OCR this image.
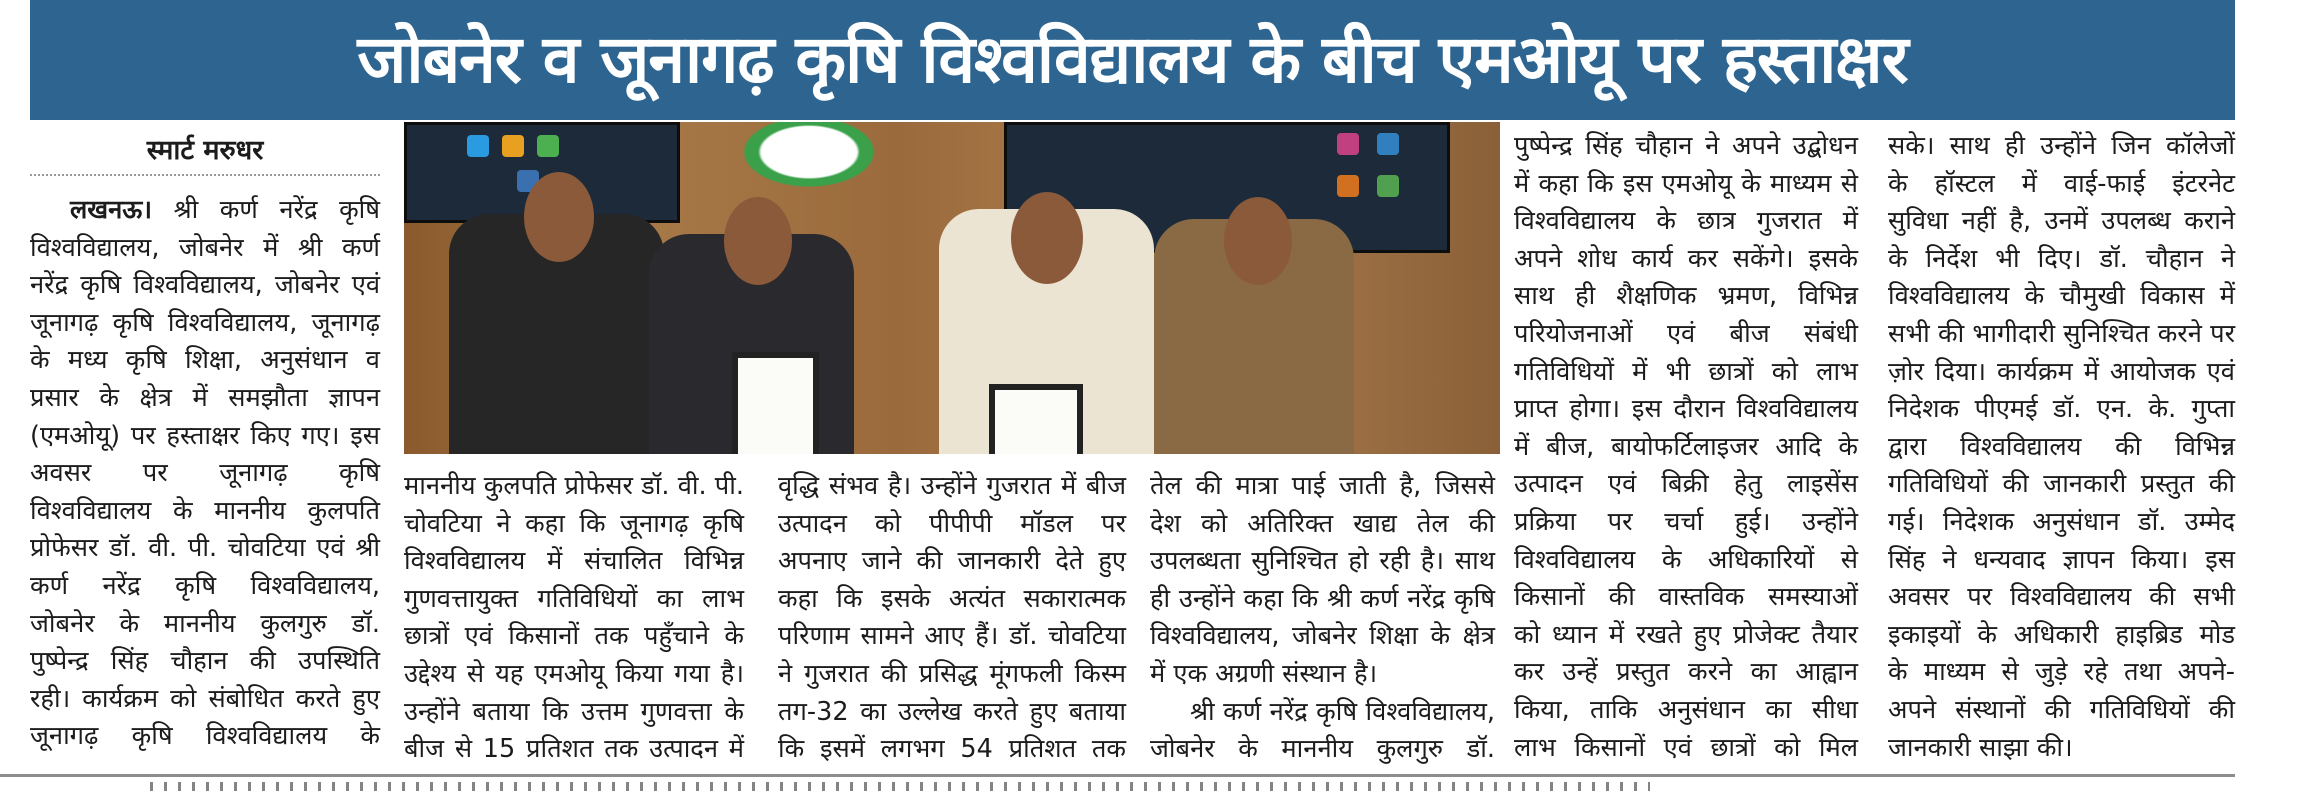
जोबनेर व जूनागढ़ कृषि विश्वविद्यालय के बीच एमओयू पर हस्ताक्षर
स्मार्ट मरुधर

लखनऊ। श्री कर्ण नरेंद्र कृषि

विश्वविद्यालय, जोबनेर में श्री कर्ण

नरेंद्र कृषि विश्वविद्यालय, जोबनेर एवं

जूनागढ़ कृषि विश्वविद्यालय, जूनागढ़

के मध्य कृषि शिक्षा, अनुसंधान व

प्रसार के क्षेत्र में समझौता ज्ञापन

(एमओयू) पर हस्ताक्षर किए गए। इस

अवसर पर जूनागढ़ कृषि

विश्वविद्यालय के माननीय कुलपति

प्रोफेसर डॉ. वी. पी. चोवटिया एवं श्री

कर्ण नरेंद्र कृषि विश्वविद्यालय,

जोबनेर के माननीय कुलगुरु डॉ.

पुष्पेन्द्र सिंह चौहान की उपस्थिति

रही। कार्यक्रम को संबोधित करते हुए

जूनागढ़ कृषि विश्वविद्यालय के

माननीय कुलपति प्रोफेसर डॉ. वी. पी.

चोवटिया ने कहा कि जूनागढ़ कृषि

विश्वविद्यालय में संचालित विभिन्न

गुणवत्तायुक्त गतिविधियों का लाभ

छात्रों एवं किसानों तक पहुँचाने के

उद्देश्य से यह एमओयू किया गया है।

उन्होंने बताया कि उत्तम गुणवत्ता के

बीज से 15 प्रतिशत तक उत्पादन में

वृद्धि संभव है। उन्होंने गुजरात में बीज

उत्पादन को पीपीपी मॉडल पर

अपनाए जाने की जानकारी देते हुए

कहा कि इसके अत्यंत सकारात्मक

परिणाम सामने आए हैं। डॉ. चोवटिया

ने गुजरात की प्रसिद्ध मूंगफली किस्म

तग-32 का उल्लेख करते हुए बताया

कि इसमें लगभग 54 प्रतिशत तक

तेल की मात्रा पाई जाती है, जिससे

देश को अतिरिक्त खाद्य तेल की

उपलब्धता सुनिश्चित हो रही है। साथ

ही उन्होंने कहा कि श्री कर्ण नरेंद्र कृषि

विश्वविद्यालय, जोबनेर शिक्षा के क्षेत्र

में एक अग्रणी संस्थान है।

श्री कर्ण नरेंद्र कृषि विश्वविद्यालय,

जोबनेर के माननीय कुलगुरु डॉ.

पुष्पेन्द्र सिंह चौहान ने अपने उद्बोधन

में कहा कि इस एमओयू के माध्यम से

विश्वविद्यालय के छात्र गुजरात में

अपने शोध कार्य कर सकेंगे। इसके

साथ ही शैक्षणिक भ्रमण, विभिन्न

परियोजनाओं एवं बीज संबंधी

गतिविधियों में भी छात्रों को लाभ

प्राप्त होगा। इस दौरान विश्वविद्यालय

में बीज, बायोफर्टिलाइजर आदि के

उत्पादन एवं बिक्री हेतु लाइसेंस

प्रक्रिया पर चर्चा हुई। उन्होंने

विश्वविद्यालय के अधिकारियों से

किसानों की वास्तविक समस्याओं

को ध्यान में रखते हुए प्रोजेक्ट तैयार

कर उन्हें प्रस्तुत करने का आह्वान

किया, ताकि अनुसंधान का सीधा

लाभ किसानों एवं छात्रों को मिल

सके। साथ ही उन्होंने जिन कॉलेजों

के हॉस्टल में वाई-फाई इंटरनेट

सुविधा नहीं है, उनमें उपलब्ध कराने

के निर्देश भी दिए। डॉ. चौहान ने

विश्वविद्यालय के चौमुखी विकास में

सभी की भागीदारी सुनिश्चित करने पर

ज़ोर दिया। कार्यक्रम में आयोजक एवं

निदेशक पीएमई डॉ. एन. के. गुप्ता

द्वारा विश्वविद्यालय की विभिन्न

गतिविधियों की जानकारी प्रस्तुत की

गई। निदेशक अनुसंधान डॉ. उम्मेद

सिंह ने धन्यवाद ज्ञापन किया। इस

अवसर पर विश्वविद्यालय की सभी

इकाइयों के अधिकारी हाइब्रिड मोड

के माध्यम से जुड़े रहे तथा अपने-

अपने संस्थानों की गतिविधियों की

जानकारी साझा की।
